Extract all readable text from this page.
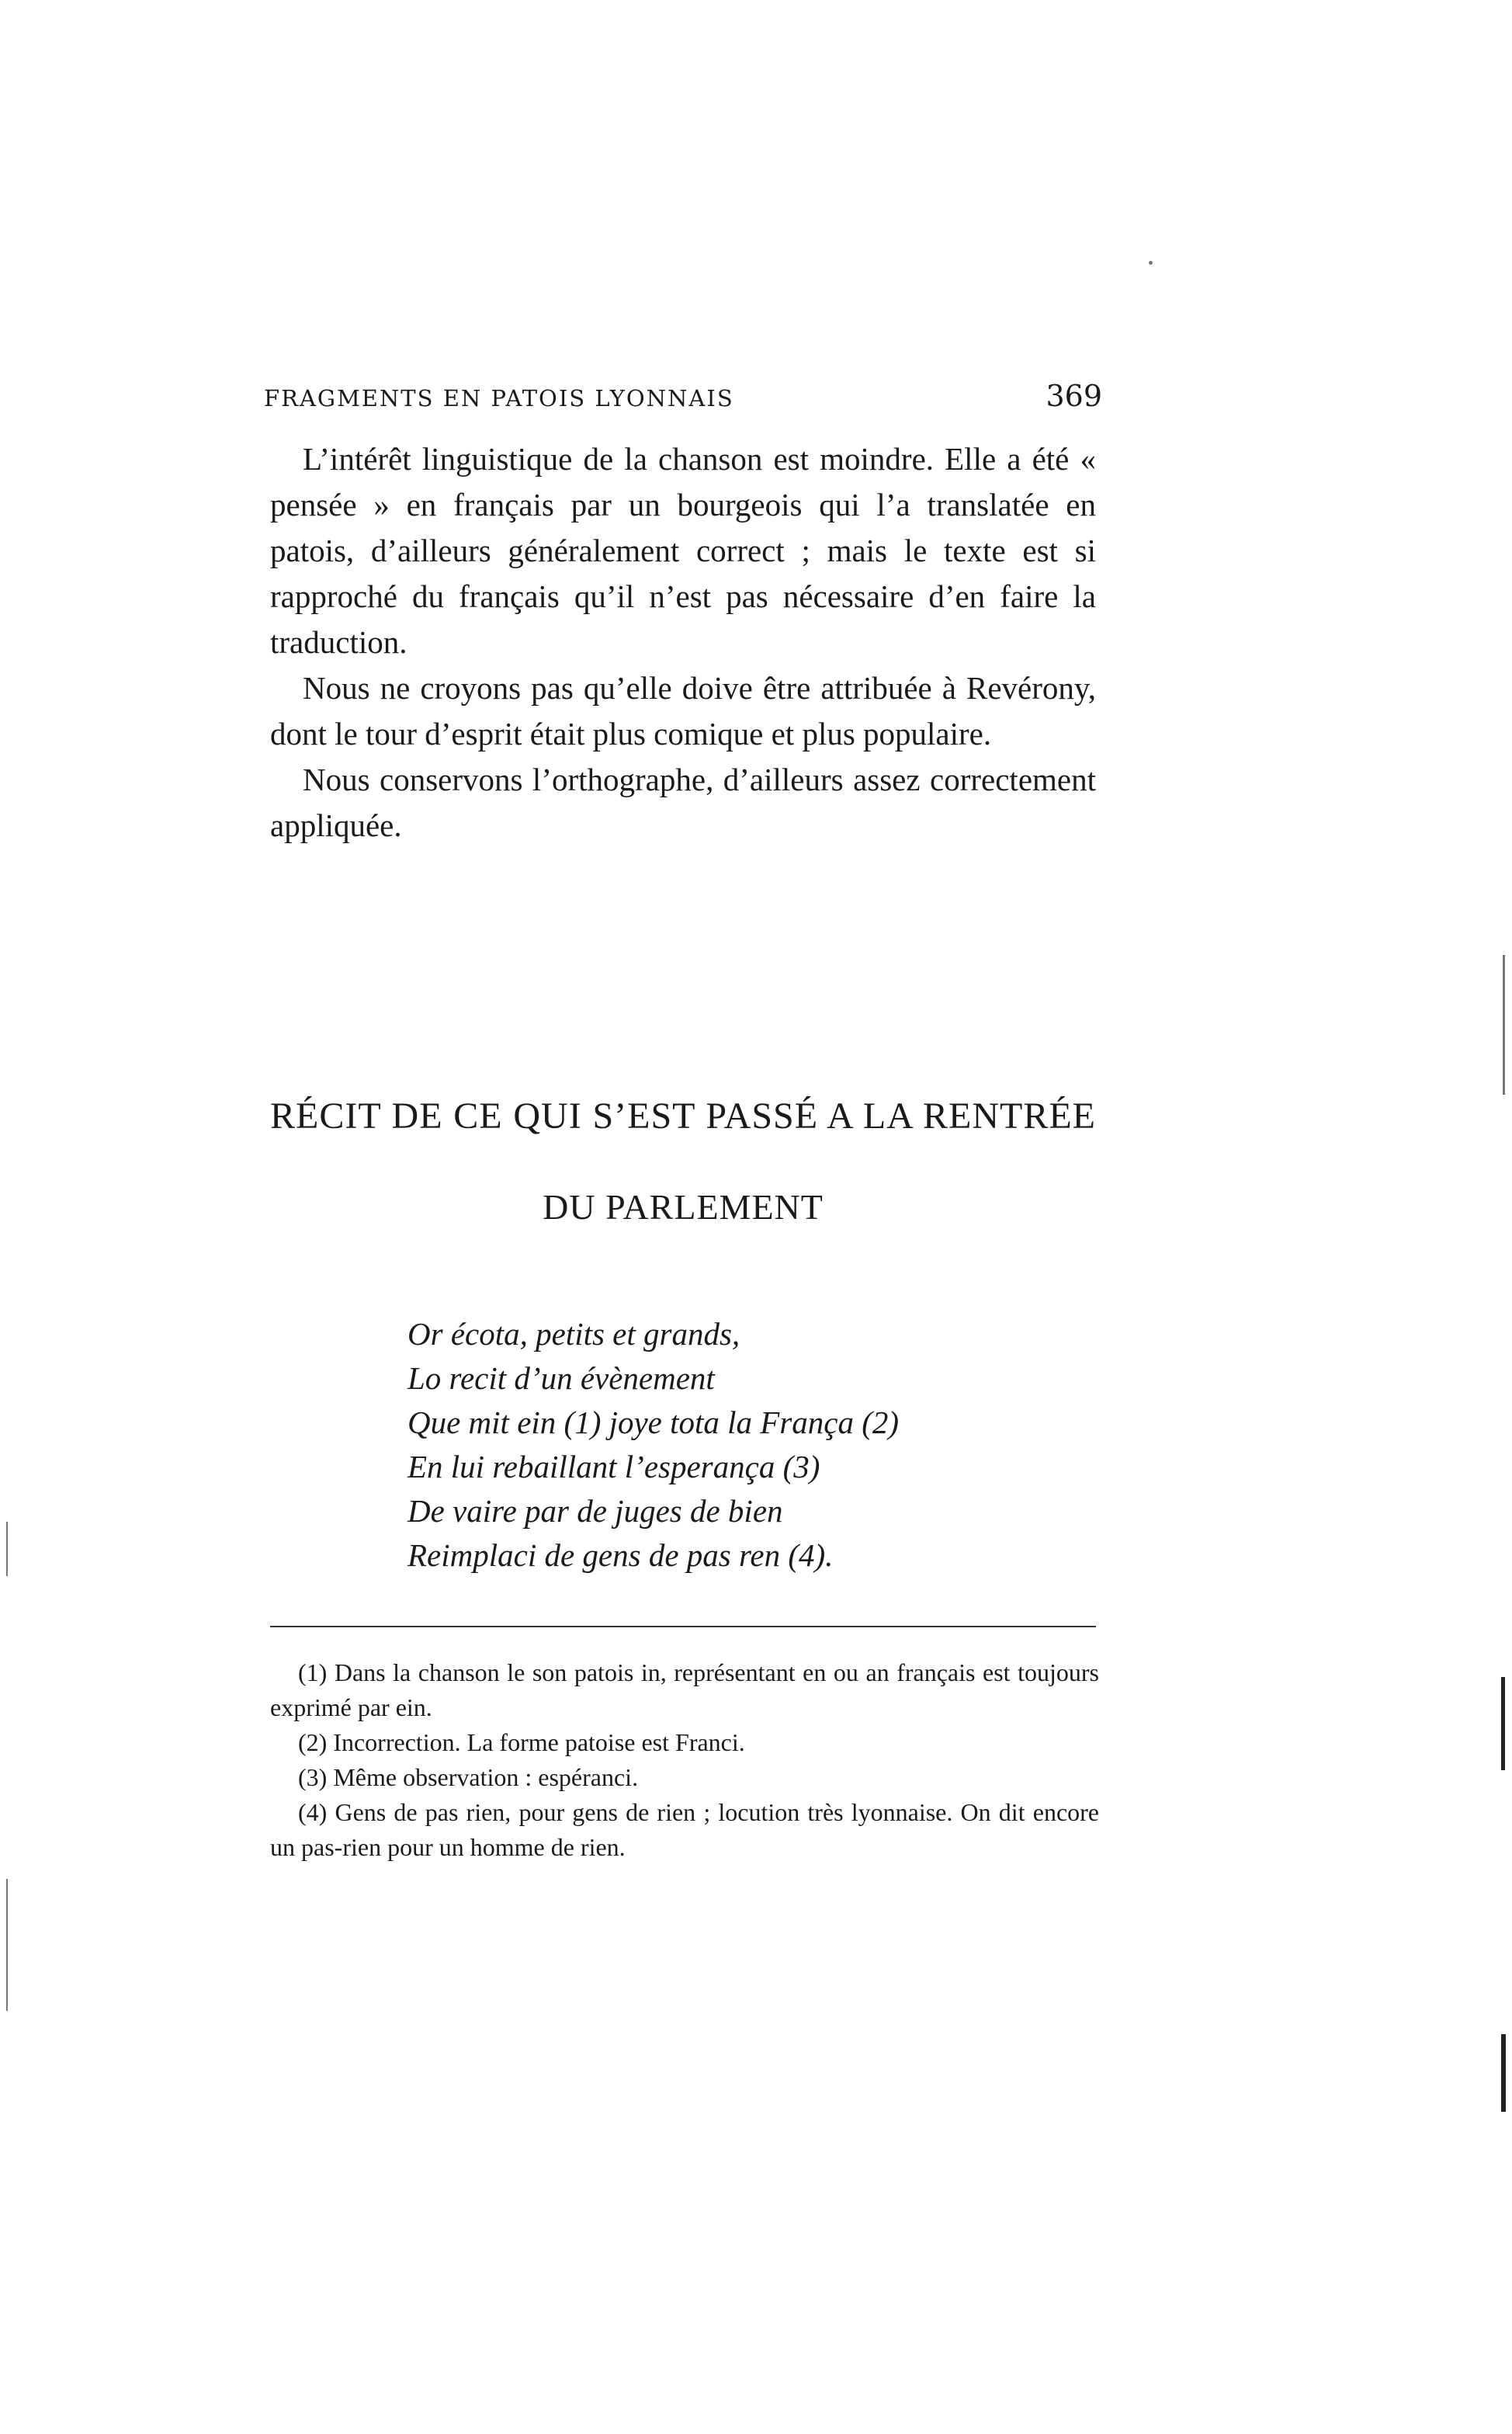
FRAGMENTS EN PATOIS LYONNAIS	369

L’intérêt linguistique de la chanson est moindre. Elle a été « pensée » en français par un bourgeois qui l’a translatée en patois, d’ailleurs généralement correct ; mais le texte est si rapproché du français qu’il n’est pas nécessaire d’en faire la traduction.

Nous ne croyons pas qu’elle doive être attribuée à Revérony, dont le tour d’esprit était plus comique et plus populaire.

Nous conservons l’orthographe, d’ailleurs assez correctement appliquée.

RÉCIT DE CE QUI S’EST PASSÉ A LA RENTRÉE
DU PARLEMENT
Or écota, petits et grands,
Lo recit d’un évènement
Que mit ein (1) joye tota la França (2)
En lui rebaillant l’esperança (3)
De vaire par de juges de bien
Reimplaci de gens de pas ren (4).
(1) Dans la chanson le son patois in, représentant en ou an français est toujours exprimé par ein.
(2) Incorrection. La forme patoise est Franci.
(3) Même observation : espéranci.
(4) Gens de pas rien, pour gens de rien ; locution très lyonnaise. On dit encore un pas-rien pour un homme de rien.
